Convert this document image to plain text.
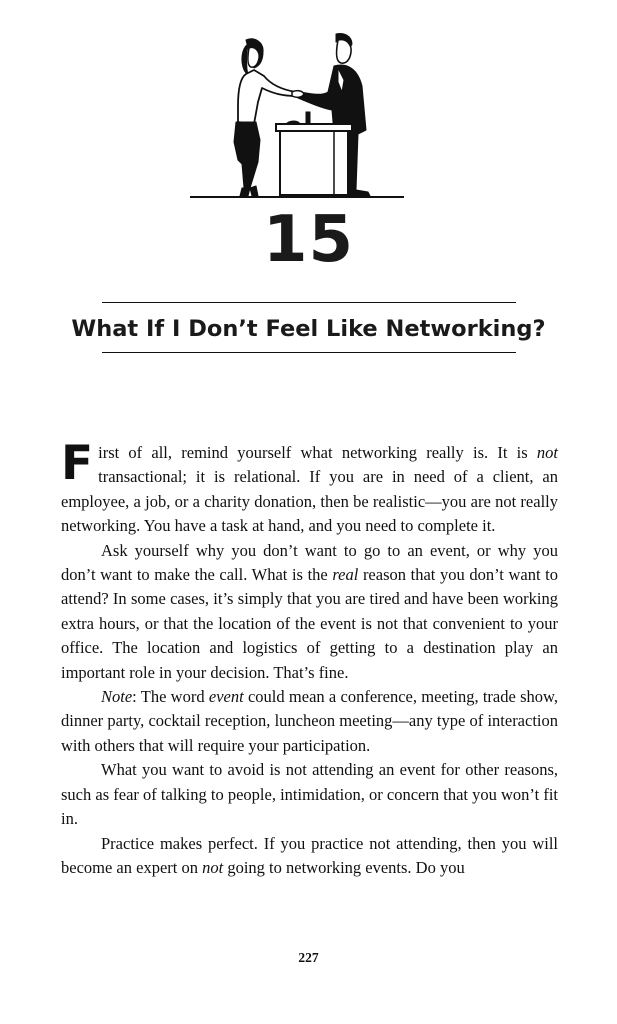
15
What If I Don’t Feel Like Networking?

First of all, remind yourself what networking really is. It is not transactional; it is relational. If you are in need of a client, an employee, a job, or a charity donation, then be realistic—you are not really networking. You have a task at hand, and you need to complete it.

Ask yourself why you don’t want to go to an event, or why you don’t want to make the call. What is the real reason that you don’t want to attend? In some cases, it’s simply that you are tired and have been working extra hours, or that the location of the event is not that convenient to your office. The location and logistics of getting to a destination play an important role in your decision. That’s fine.

Note: The word event could mean a conference, meeting, trade show, dinner party, cocktail reception, luncheon meeting—any type of interaction with others that will require your participation.

What you want to avoid is not attending an event for other reasons, such as fear of talking to people, intimidation, or concern that you won’t fit in.

Practice makes perfect. If you practice not attending, then you will become an expert on not going to networking events. Do you

227
